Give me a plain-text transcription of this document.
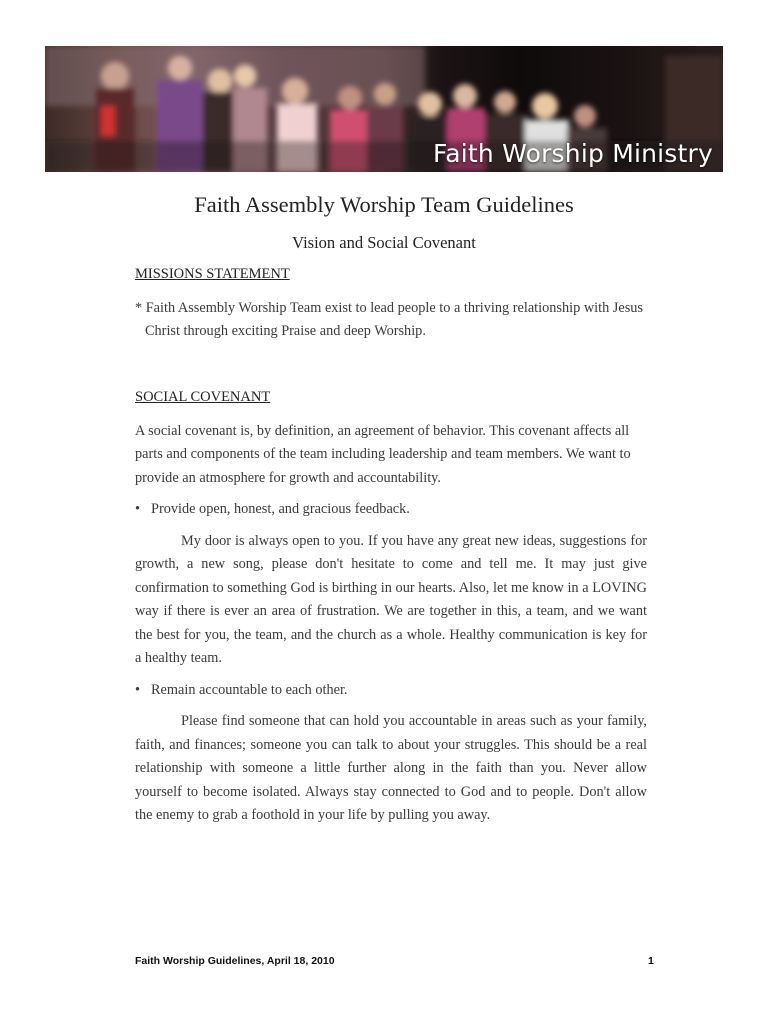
Faith Worship Ministry
Faith Assembly Worship Team Guidelines
Vision and Social Covenant
MISSIONS STATEMENT
* Faith Assembly Worship Team exist to lead people to a thriving relationship with Jesus Christ through exciting Praise and deep Worship.
SOCIAL COVENANT
A social covenant is, by definition, an agreement of behavior. This covenant affects all parts and components of the team including leadership and team members. We want to provide an atmosphere for growth and accountability.
• Provide open, honest, and gracious feedback.
My door is always open to you. If you have any great new ideas, suggestions for growth, a new song, please don't hesitate to come and tell me. It may just give confirmation to something God is birthing in our hearts. Also, let me know in a LOVING way if there is ever an area of frustration. We are together in this, a team, and we want the best for you, the team, and the church as a whole. Healthy communication is key for a healthy team.
• Remain accountable to each other.
Please find someone that can hold you accountable in areas such as your family, faith, and finances; someone you can talk to about your struggles. This should be a real relationship with someone a little further along in the faith than you. Never allow yourself to become isolated. Always stay connected to God and to people. Don't allow the enemy to grab a foothold in your life by pulling you away.
Faith Worship Guidelines, April 18, 2010	1
